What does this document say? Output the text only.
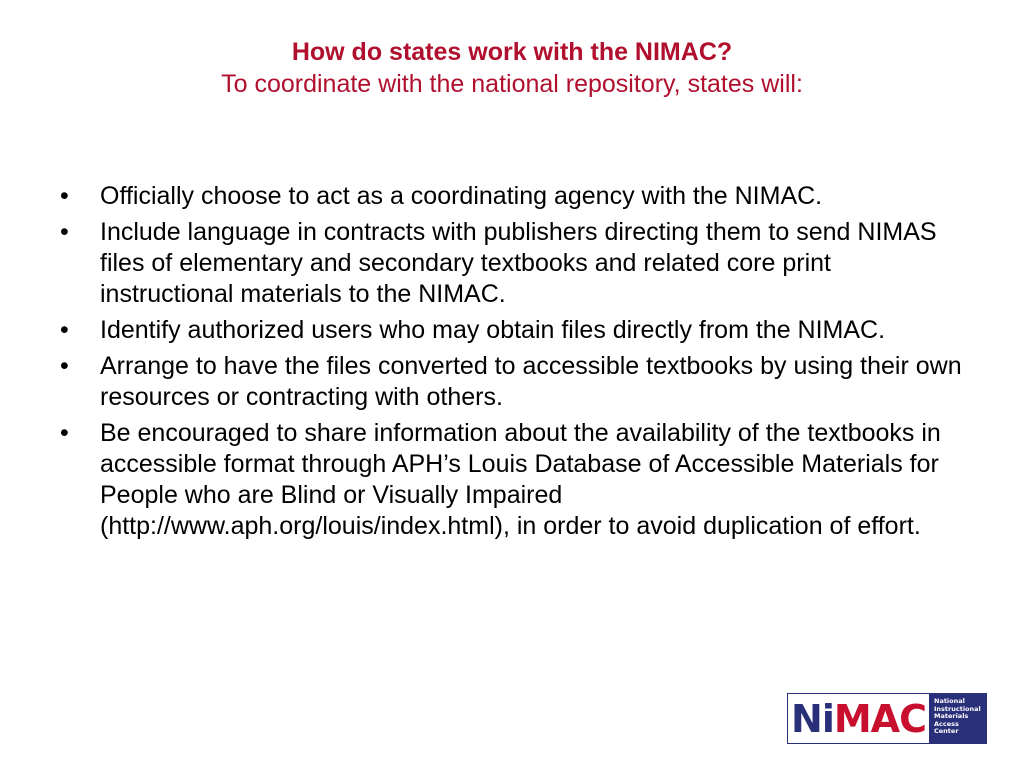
How do states work with the NIMAC?
To coordinate with the national repository, states will:
• Officially choose to act as a coordinating agency with the NIMAC.
• Include language in contracts with publishers directing them to send NIMAS files of elementary and secondary textbooks and related core print instructional materials to the NIMAC.
• Identify authorized users who may obtain files directly from the NIMAC.
• Arrange to have the files converted to accessible textbooks by using their own resources or contracting with others.
• Be encouraged to share information about the availability of the textbooks in accessible format through APH’s Louis Database of Accessible Materials for People who are Blind or Visually Impaired (http://www.aph.org/louis/index.html), in order to avoid duplication of effort.
Ni MAC National
Instructional
Materials
Access
Center
